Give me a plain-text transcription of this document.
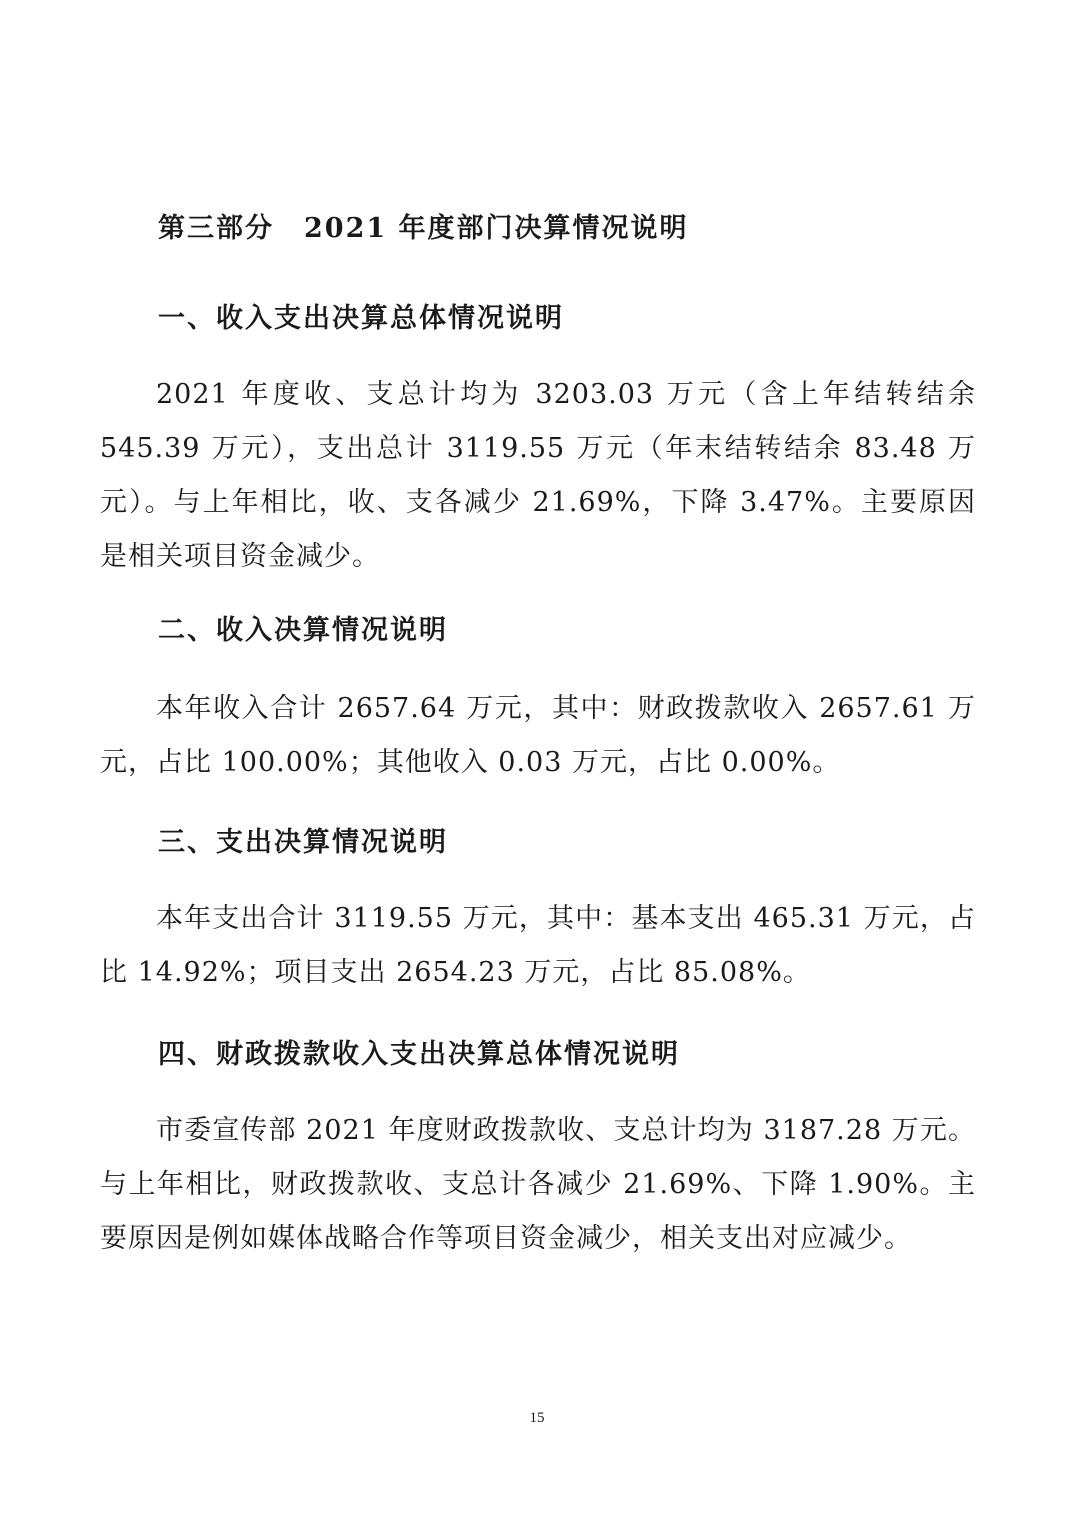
第三部分 2021 年度部门决算情况说明
一、收入支出决算总体情况说明
2021 年度收、支总计均为 3203.03 万元（含上年结转结余 545.39 万元），支出总计 3119.55 万元（年末结转结余 83.48 万元）。与上年相比，收、支各减少 21.69%，下降 3.47%。主要原因是相关项目资金减少。
二、收入决算情况说明
本年收入合计 2657.64 万元，其中：财政拨款收入 2657.61 万元，占比 100.00%；其他收入 0.03 万元，占比 0.00%。
三、支出决算情况说明
本年支出合计 3119.55 万元，其中：基本支出 465.31 万元，占比 14.92%；项目支出 2654.23 万元，占比 85.08%。
四、财政拨款收入支出决算总体情况说明
市委宣传部 2021 年度财政拨款收、支总计均为 3187.28 万元。与上年相比，财政拨款收、支总计各减少 21.69%、下降 1.90%。主要原因是例如媒体战略合作等项目资金减少，相关支出对应减少。
15
